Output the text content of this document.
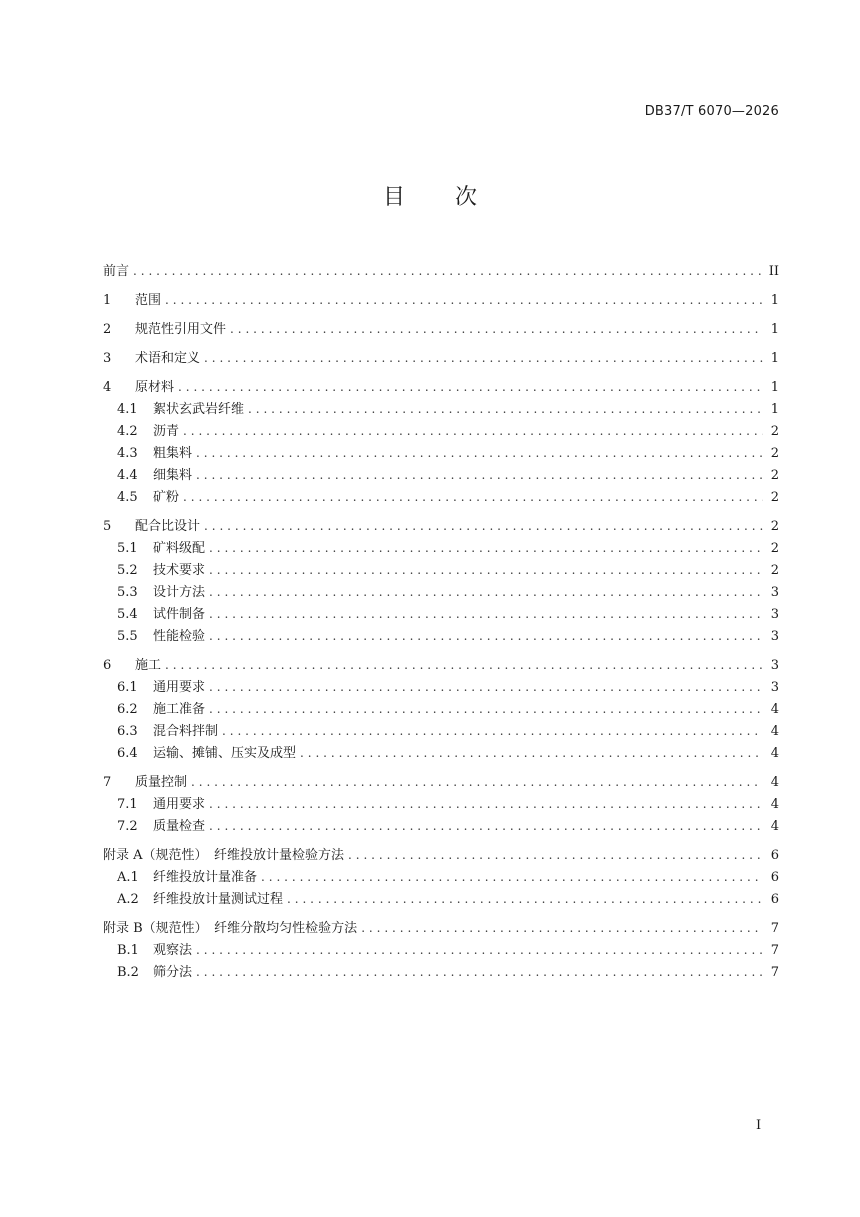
DB37/T 6070—2026
目 次
前言 .....	II
1	范围 .....	1
2	规范性引用文件 .....	1
3	术语和定义 .....	1
4	原材料 .....	1
4.1	絮状玄武岩纤维 .....	1
4.2	沥青 .....	2
4.3	粗集料 .....	2
4.4	细集料 .....	2
4.5	矿粉 .....	2
5	配合比设计 .....	2
5.1	矿料级配 .....	2
5.2	技术要求 .....	2
5.3	设计方法 .....	3
5.4	试件制备 .....	3
5.5	性能检验 .....	3
6	施工 .....	3
6.1	通用要求 .....	3
6.2	施工准备 .....	4
6.3	混合料拌制 .....	4
6.4	运输、摊铺、压实及成型 .....	4
7	质量控制 .....	4
7.1	通用要求 .....	4
7.2	质量检查 .....	4
附录 A（规范性）　纤维投放计量检验方法 .....	6
A.1	纤维投放计量准备 .....	6
A.2	纤维投放计量测试过程 .....	6
附录 B（规范性）　纤维分散均匀性检验方法 .....	7
B.1	观察法 .....	7
B.2	筛分法 .....	7
I
